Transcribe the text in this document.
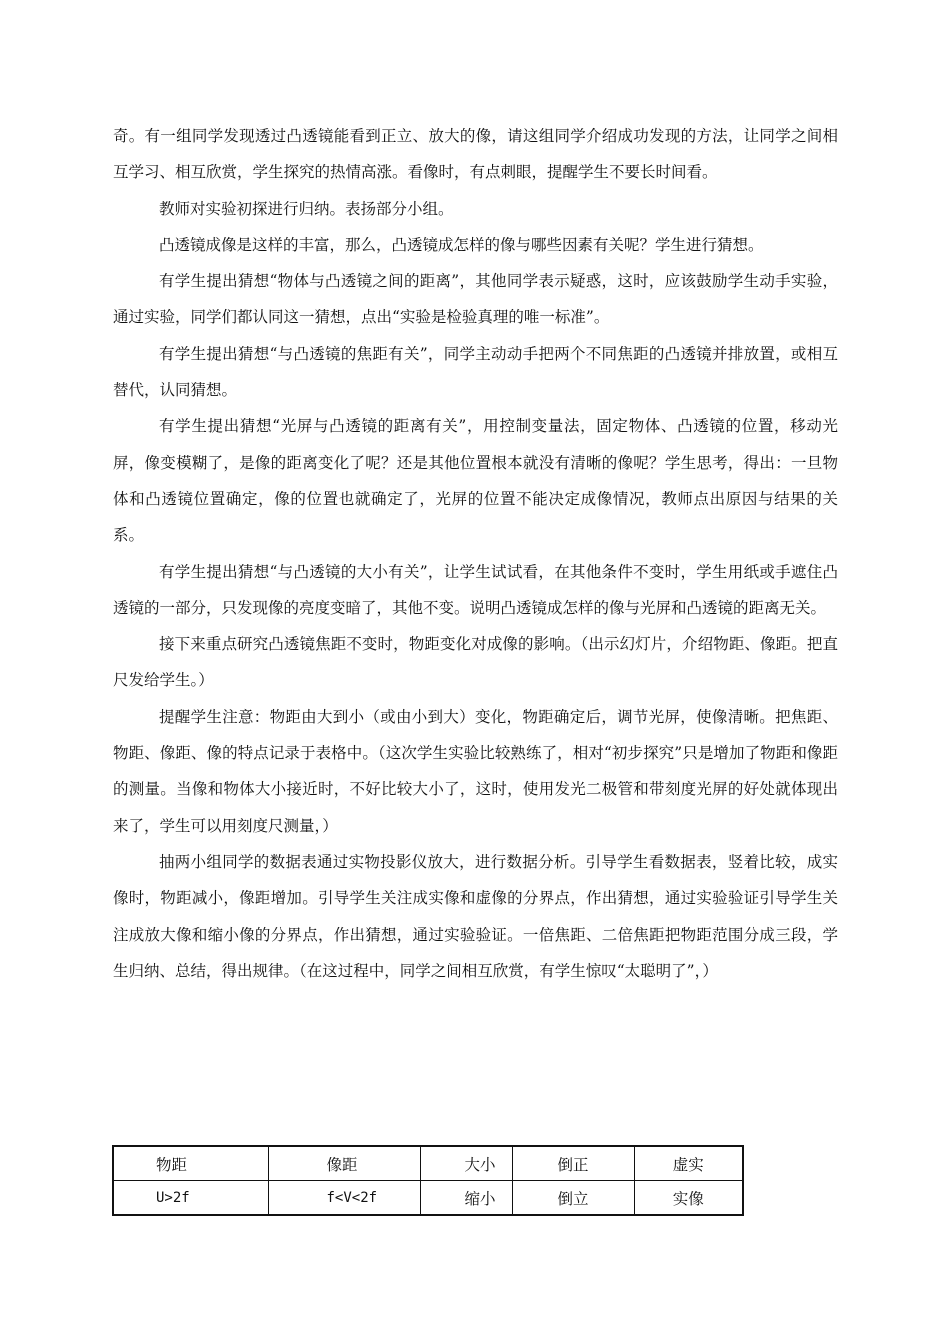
奇。有一组同学发现透过凸透镜能看到正立、放大的像，请这组同学介绍成功发现的方法，让同学之间相互学习、相互欣赏，学生探究的热情高涨。看像时，有点刺眼，提醒学生不要长时间看。

教师对实验初探进行归纳。表扬部分小组。

凸透镜成像是这样的丰富，那么，凸透镜成怎样的像与哪些因素有关呢？学生进行猜想。

有学生提出猜想“物体与凸透镜之间的距离”，其他同学表示疑惑，这时，应该鼓励学生动手实验，通过实验，同学们都认同这一猜想，点出“实验是检验真理的唯一标准”。

有学生提出猜想“与凸透镜的焦距有关”，同学主动动手把两个不同焦距的凸透镜并排放置，或相互替代，认同猜想。

有学生提出猜想“光屏与凸透镜的距离有关”，用控制变量法，固定物体、凸透镜的位置，移动光屏，像变模糊了，是像的距离变化了呢？还是其他位置根本就没有清晰的像呢？学生思考，得出：一旦物体和凸透镜位置确定，像的位置也就确定了，光屏的位置不能决定成像情况，教师点出原因与结果的关系。

有学生提出猜想“与凸透镜的大小有关”，让学生试试看，在其他条件不变时，学生用纸或手遮住凸透镜的一部分，只发现像的亮度变暗了，其他不变。说明凸透镜成怎样的像与光屏和凸透镜的距离无关。

接下来重点研究凸透镜焦距不变时，物距变化对成像的影响。（出示幻灯片，介绍物距、像距。把直尺发给学生。）

提醒学生注意：物距由大到小（或由小到大）变化，物距确定后，调节光屏，使像清晰。把焦距、物距、像距、像的特点记录于表格中。（这次学生实验比较熟练了，相对“初步探究”只是增加了物距和像距的测量。当像和物体大小接近时，不好比较大小了，这时，使用发光二极管和带刻度光屏的好处就体现出来了，学生可以用刻度尺测量，）

抽两小组同学的数据表通过实物投影仪放大，进行数据分析。引导学生看数据表，竖着比较，成实像时，物距减小，像距增加。引导学生关注成实像和虚像的分界点，作出猜想，通过实验验证引导学生关注成放大像和缩小像的分界点，作出猜想，通过实验验证。一倍焦距、二倍焦距把物距范围分成三段，学生归纳、总结，得出规律。（在这过程中，同学之间相互欣赏，有学生惊叹“太聪明了”，）

物距	像距	大小	倒正	虚实
U>2f	f<V<2f	缩小	倒立	实像
